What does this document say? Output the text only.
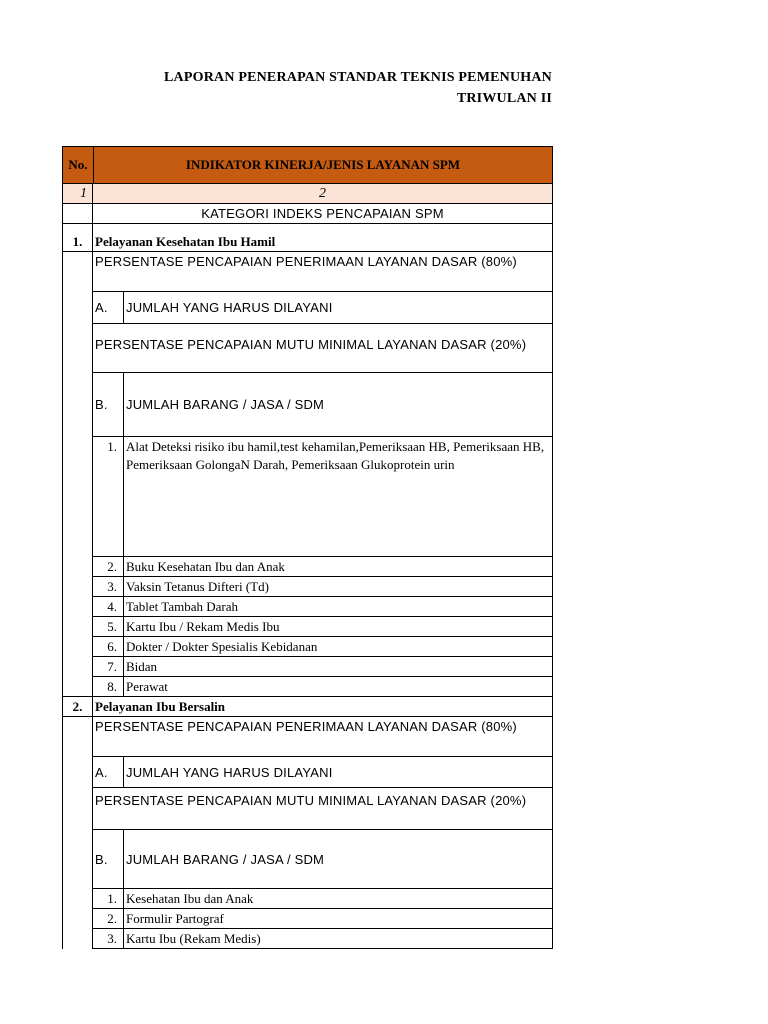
LAPORAN PENERAPAN STANDAR TEKNIS PEMENUHAN
TRIWULAN II
No.	INDIKATOR KINERJA/JENIS LAYANAN SPM
1	2
KATEGORI INDEKS PENCAPAIAN SPM
1. Pelayanan Kesehatan Ibu Hamil
PERSENTASE PENCAPAIAN PENERIMAAN LAYANAN DASAR (80%)
A.	JUMLAH YANG HARUS DILAYANI
PERSENTASE PENCAPAIAN MUTU MINIMAL LAYANAN DASAR (20%)
B.	JUMLAH BARANG / JASA / SDM
1. Alat Deteksi risiko ibu hamil,test kehamilan,Pemeriksaan HB, Pemeriksaan HB, Pemeriksaan GolongaN Darah, Pemeriksaan Glukoprotein urin
2. Buku Kesehatan Ibu dan Anak
3. Vaksin Tetanus Difteri (Td)
4. Tablet Tambah Darah
5. Kartu Ibu / Rekam Medis Ibu
6. Dokter / Dokter Spesialis Kebidanan
7. Bidan
8. Perawat
2. Pelayanan Ibu Bersalin
PERSENTASE PENCAPAIAN PENERIMAAN LAYANAN DASAR (80%)
A.	JUMLAH YANG HARUS DILAYANI
PERSENTASE PENCAPAIAN MUTU MINIMAL LAYANAN DASAR (20%)
B.	JUMLAH BARANG / JASA / SDM
1. Kesehatan Ibu dan Anak
2. Formulir Partograf
3. Kartu Ibu (Rekam Medis)
